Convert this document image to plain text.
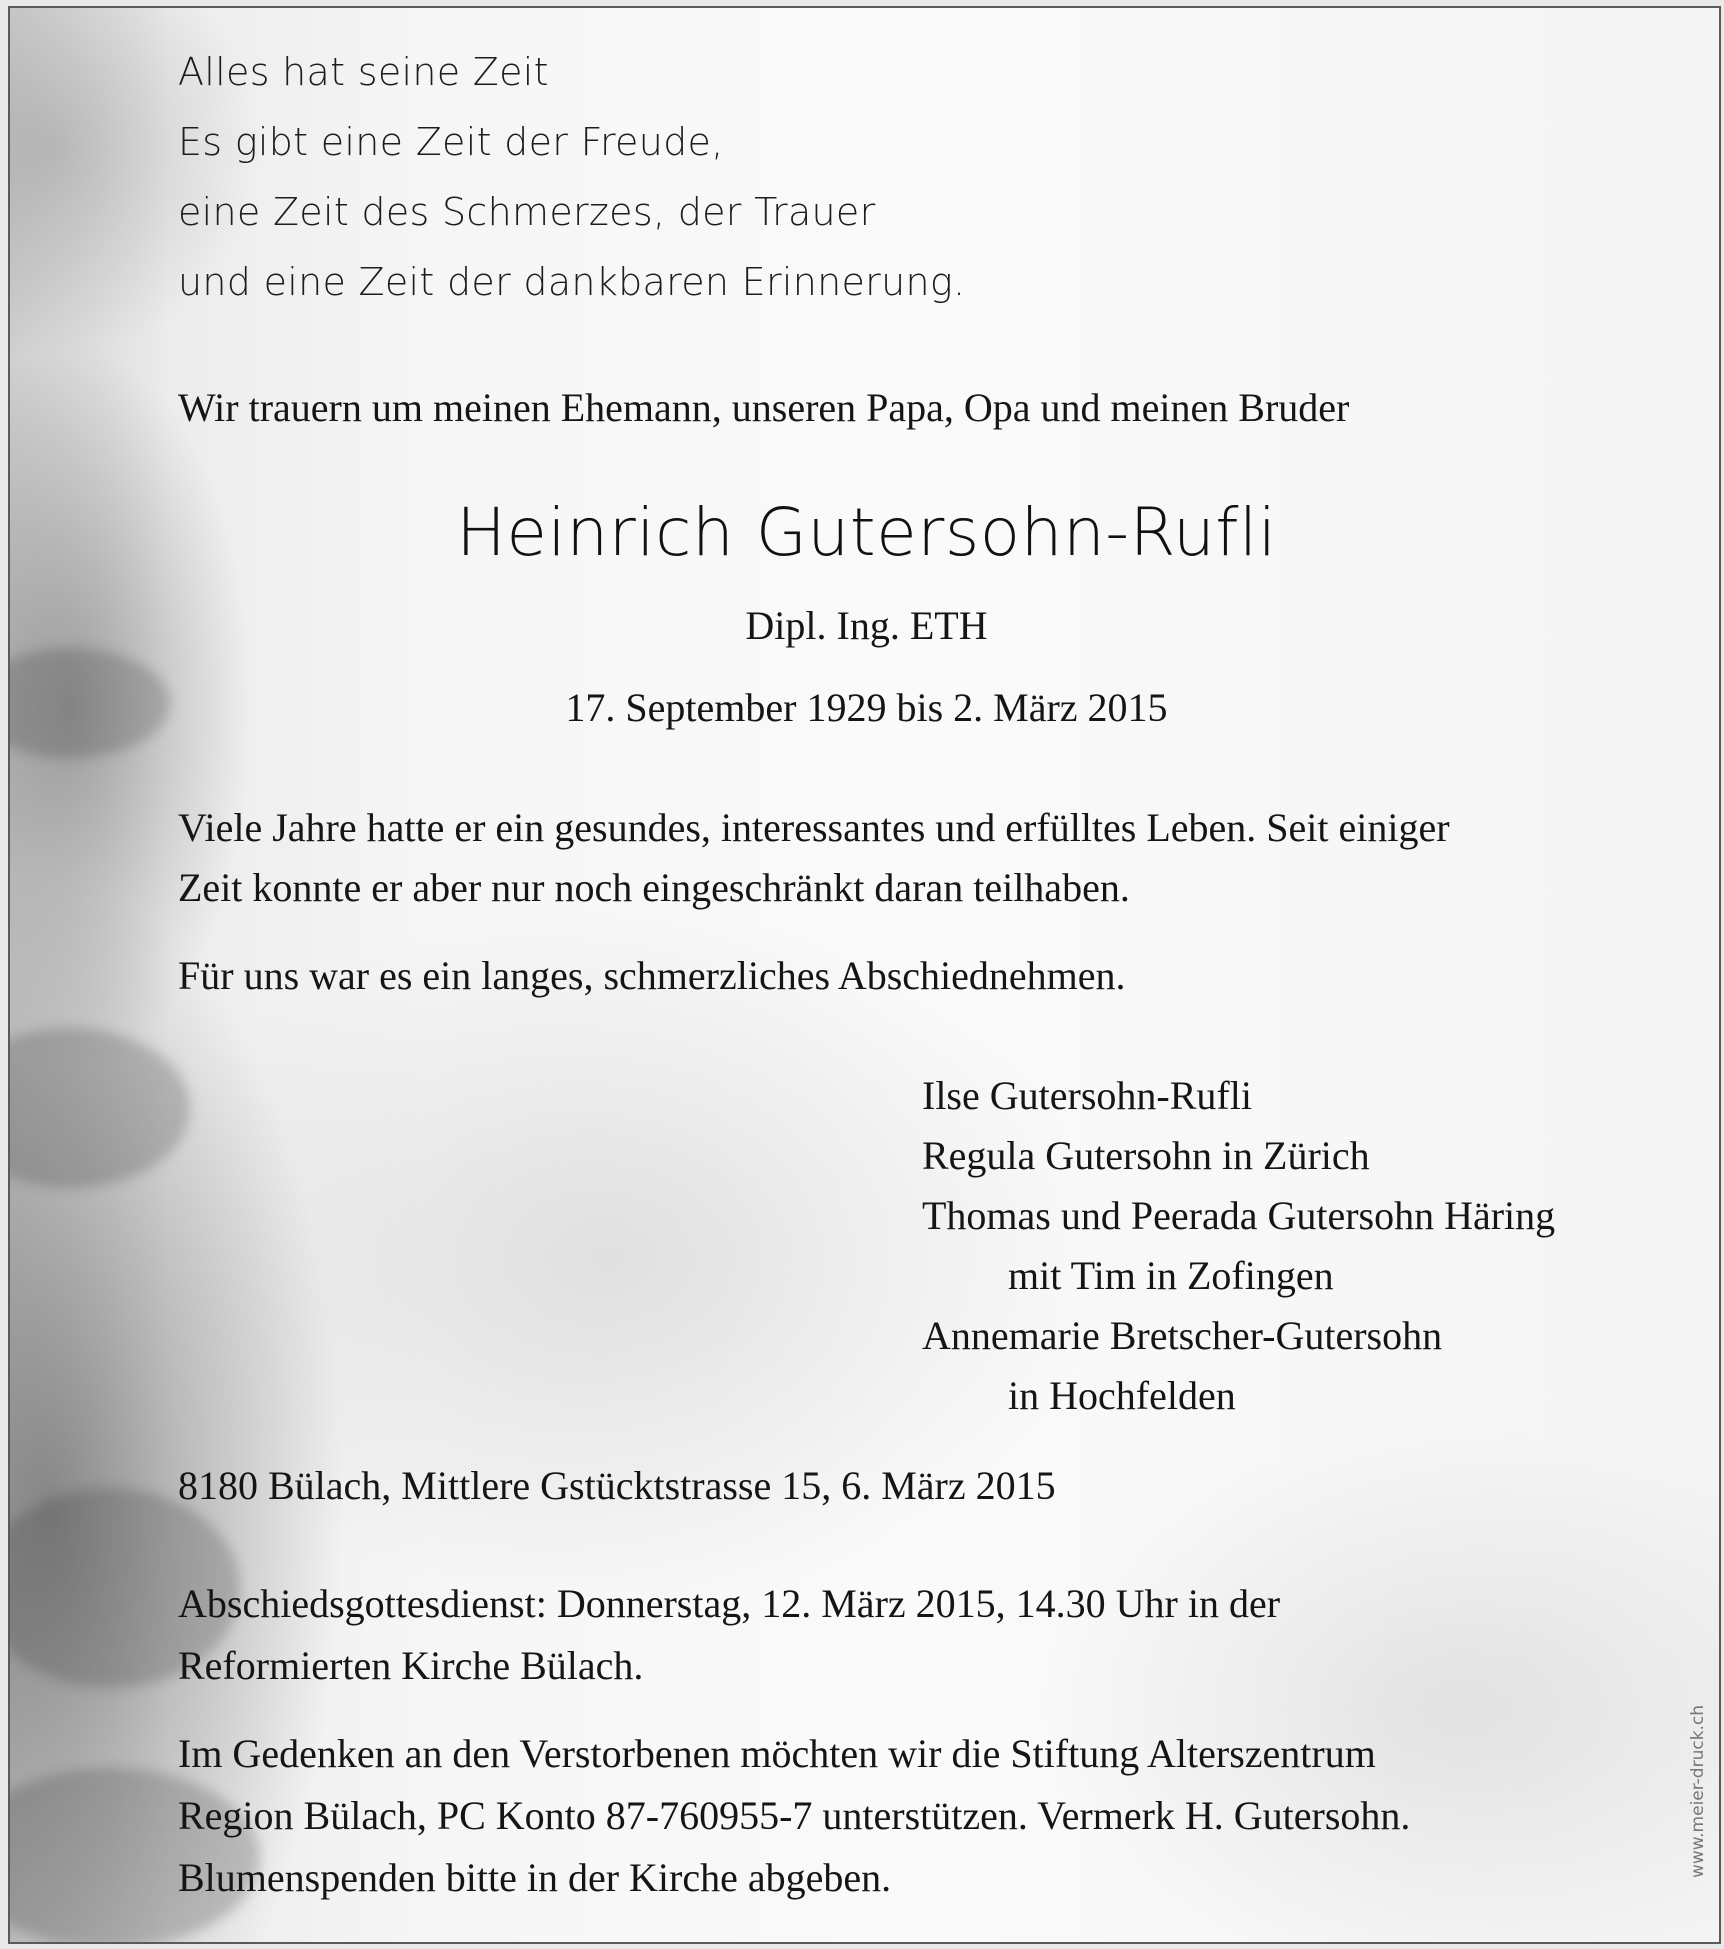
Alles hat seine Zeit
Es gibt eine Zeit der Freude,
eine Zeit des Schmerzes, der Trauer
und eine Zeit der dankbaren Erinnerung.
Wir trauern um meinen Ehemann, unseren Papa, Opa und meinen Bruder
Heinrich Gutersohn-Rufli
Dipl. Ing. ETH
17. September 1929 bis 2. März 2015
Viele Jahre hatte er ein gesundes, interessantes und erfülltes Leben. Seit einiger
Zeit konnte er aber nur noch eingeschränkt daran teilhaben.
Für uns war es ein langes, schmerzliches Abschiednehmen.
Ilse Gutersohn-Rufli
Regula Gutersohn in Zürich
Thomas und Peerada Gutersohn Häring
mit Tim in Zofingen
Annemarie Bretscher-Gutersohn
in Hochfelden
8180 Bülach, Mittlere Gstücktstrasse 15, 6. März 2015
Abschiedsgottesdienst: Donnerstag, 12. März 2015, 14.30 Uhr in der
Reformierten Kirche Bülach.
Im Gedenken an den Verstorbenen möchten wir die Stiftung Alterszentrum
Region Bülach, PC Konto 87-760955-7 unterstützen. Vermerk H. Gutersohn.
Blumenspenden bitte in der Kirche abgeben.	www.meier-druck.ch
